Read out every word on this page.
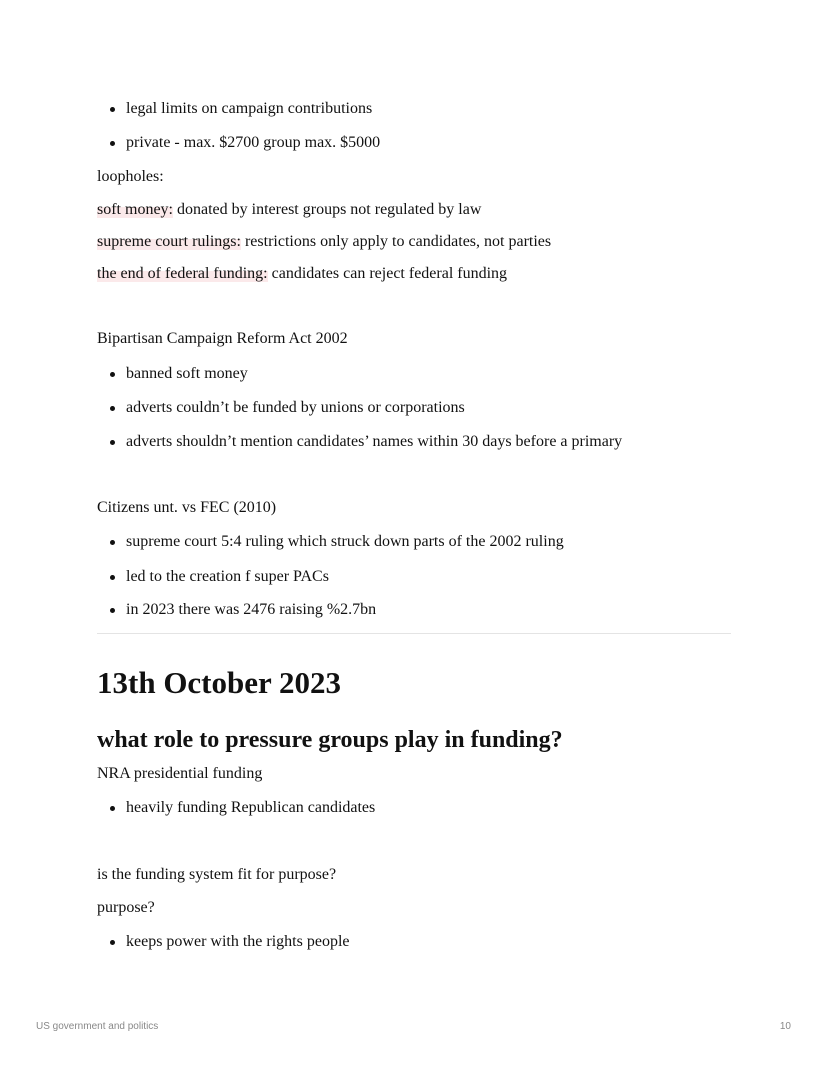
legal limits on campaign contributions
private - max. $2700 group max. $5000
loopholes:
soft money: donated by interest groups not regulated by law
supreme court rulings: restrictions only apply to candidates, not parties
the end of federal funding: candidates can reject federal funding
Bipartisan Campaign Reform Act 2002
banned soft money
adverts couldn’t be funded by unions or corporations
adverts shouldn’t mention candidates’ names within 30 days before a primary
Citizens unt. vs FEC (2010)
supreme court 5:4 ruling which struck down parts of the 2002 ruling
led to the creation f super PACs
in 2023 there was 2476 raising %2.7bn
13th October 2023
what role to pressure groups play in funding?
NRA presidential funding
heavily funding Republican candidates
is the funding system fit for purpose?
purpose?
keeps power with the rights people
US government and politics	10
